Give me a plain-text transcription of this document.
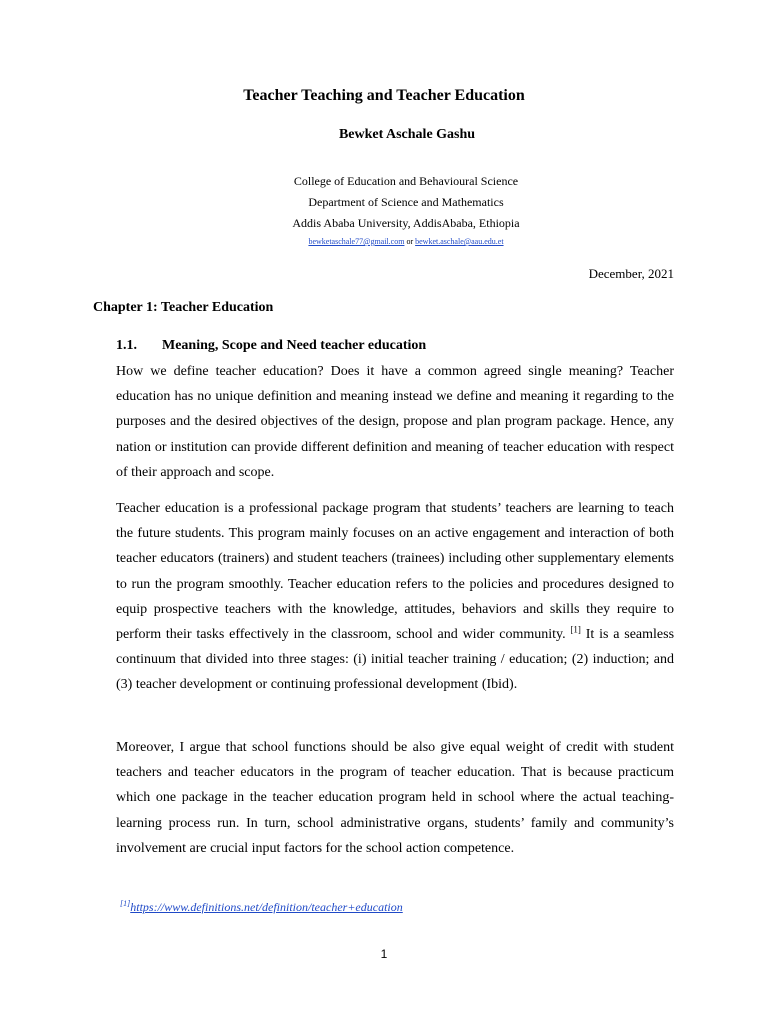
Teacher Teaching and Teacher Education
Bewket Aschale Gashu
College of Education and Behavioural Science
Department of Science and Mathematics
Addis Ababa University, AddisAbaba, Ethiopia
bewketaschale77@gmail.com or bewket.aschale@aau.edu.et
December, 2021
Chapter 1: Teacher Education
1.1. Meaning, Scope and Need teacher education

How we define teacher education? Does it have a common agreed single meaning? Teacher education has no unique definition and meaning instead we define and meaning it regarding to the purposes and the desired objectives of the design, propose and plan program package. Hence, any nation or institution can provide different definition and meaning of teacher education with respect of their approach and scope.

Teacher education is a professional package program that students’ teachers are learning to teach the future students. This program mainly focuses on an active engagement and interaction of both teacher educators (trainers) and student teachers (trainees) including other supplementary elements to run the program smoothly. Teacher education refers to the policies and procedures designed to equip prospective teachers with the knowledge, attitudes, behaviors and skills they require to perform their tasks effectively in the classroom, school and wider community. [1] It is a seamless continuum that divided into three stages: (i) initial teacher training / education; (2) induction; and (3) teacher development or continuing professional development (Ibid).

Moreover, I argue that school functions should be also give equal weight of credit with student teachers and teacher educators in the program of teacher education. That is because practicum which one package in the teacher education program held in school where the actual teaching-learning process run. In turn, school administrative organs, students’ family and community’s involvement are crucial input factors for the school action competence.

[1]https://www.definitions.net/definition/teacher+education
1
